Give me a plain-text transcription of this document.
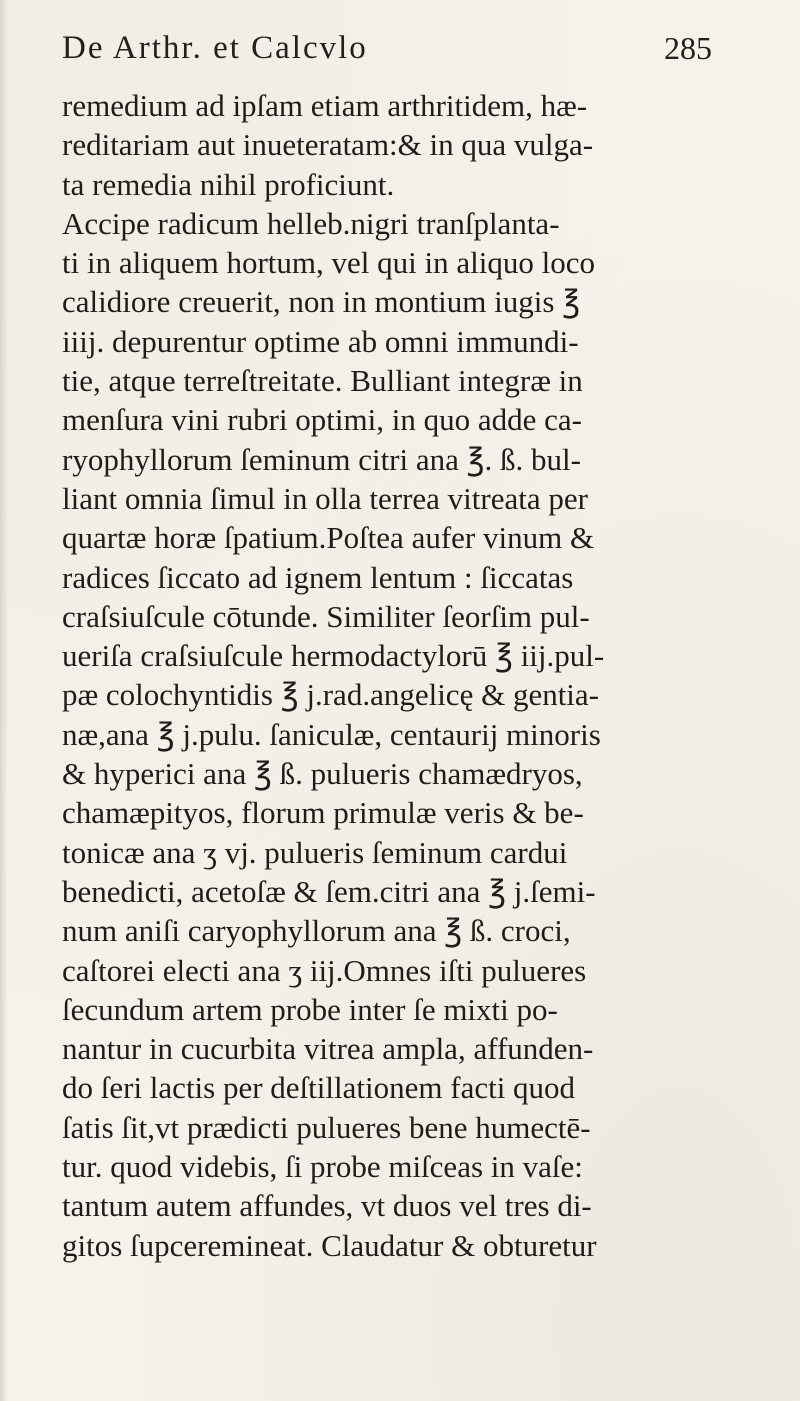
De Arthr. et Calcvlo	285
remedium ad ipſam etiam arthritidem, hæ-
reditariam aut inueteratam:& in qua vulga-
ta remedia nihil proficiunt.
Accipe radicum helleb.nigri tranſplanta-
ti in aliquem hortum, vel qui in aliquo loco
calidiore creuerit, non in montium iugis ℥
iiij. depurentur optime ab omni immundi-
tie, atque terreſtreitate. Bulliant integræ in
menſura vini rubri optimi, in quo adde ca-
ryophyllorum ſeminum citri ana ℥. ß. bul-
liant omnia ſimul in olla terrea vitreata per
quartæ horæ ſpatium.Poſtea aufer vinum &
radices ſiccato ad ignem lentum : ſiccatas
craſsiuſcule cōtunde. Similiter ſeorſim pul-
ueriſa craſsiuſcule hermodactylorū ℥ iij.pul-
pæ colochyntidis ℥ j.rad.angelicę & gentia-
næ,ana ℥ j.pulu. ſaniculæ, centaurij minoris
& hyperici ana ℥ ß. pulueris chamædryos,
chamæpityos, florum primulæ veris & be-
tonicæ ana ʒ vj. pulueris ſeminum cardui
benedicti, acetoſæ & ſem.citri ana ℥ j.ſemi-
num aniſi caryophyllorum ana ℥ ß. croci,
caſtorei electi ana ʒ iij.Omnes iſti pulueres
ſecundum artem probe inter ſe mixti po-
nantur in cucurbita vitrea ampla, affunden-
do ſeri lactis per deſtillationem facti quod
ſatis ſit,vt prædicti pulueres bene humectē-
tur. quod videbis, ſi probe miſceas in vaſe:
tantum autem affundes, vt duos vel tres di-
gitos ſupceremineat. Claudatur & obturetur
